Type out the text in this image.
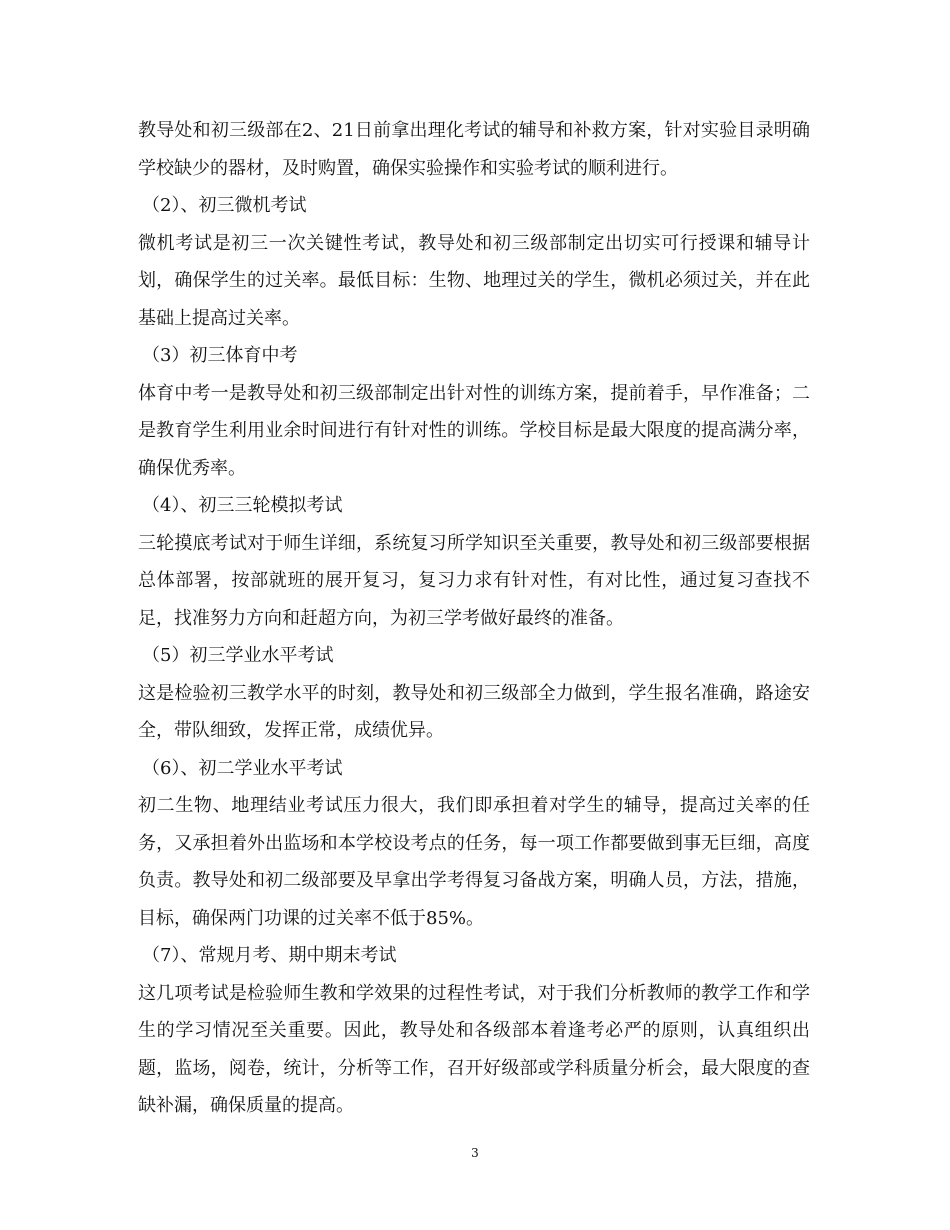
教导处和初三级部在2、21日前拿出理化考试的辅导和补救方案，针对实验目录明确学校缺少的器材，及时购置，确保实验操作和实验考试的顺利进行。

（2）、初三微机考试

微机考试是初三一次关键性考试，教导处和初三级部制定出切实可行授课和辅导计划，确保学生的过关率。最低目标：生物、地理过关的学生，微机必须过关，并在此基础上提高过关率。

（3）初三体育中考

体育中考一是教导处和初三级部制定出针对性的训练方案，提前着手，早作准备；二是教育学生利用业余时间进行有针对性的训练。学校目标是最大限度的提高满分率，确保优秀率。

（4）、初三三轮模拟考试

三轮摸底考试对于师生详细，系统复习所学知识至关重要，教导处和初三级部要根据总体部署，按部就班的展开复习，复习力求有针对性，有对比性，通过复习查找不足，找准努力方向和赶超方向，为初三学考做好最终的准备。

（5）初三学业水平考试

这是检验初三教学水平的时刻，教导处和初三级部全力做到，学生报名准确，路途安全，带队细致，发挥正常，成绩优异。

（6）、初二学业水平考试

初二生物、地理结业考试压力很大，我们即承担着对学生的辅导，提高过关率的任务，又承担着外出监场和本学校设考点的任务，每一项工作都要做到事无巨细，高度负责。教导处和初二级部要及早拿出学考得复习备战方案，明确人员，方法，措施，目标，确保两门功课的过关率不低于85%。

（7）、常规月考、期中期末考试

这几项考试是检验师生教和学效果的过程性考试，对于我们分析教师的教学工作和学生的学习情况至关重要。因此，教导处和各级部本着逢考必严的原则，认真组织出题，监场，阅卷，统计，分析等工作，召开好级部或学科质量分析会，最大限度的查缺补漏，确保质量的提高。

3
